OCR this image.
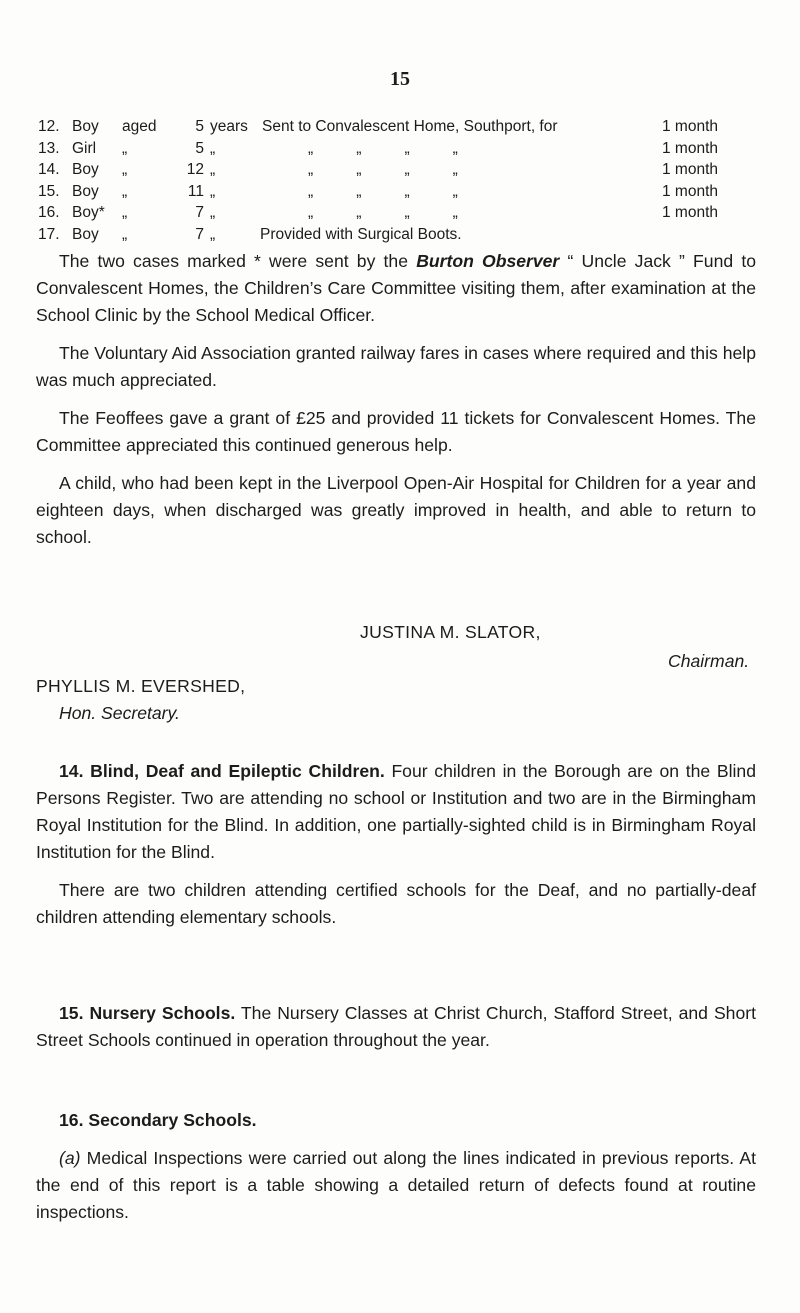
15
12. Boy aged	5 years Sent to Convalescent Home, Southport, for	1 month
13. Girl „	5 „	„          „          „          „	1 month
14. Boy „	12 „	„          „          „          „	1 month
15. Boy „	11 „	„          „          „          „	1 month
16. Boy* „	7 „	„          „          „          „	1 month
17. Boy „	7 „	Provided with Surgical Boots.

The two cases marked * were sent by the Burton Observer “ Uncle Jack ” Fund to Convalescent Homes, the Children’s Care Committee visiting them, after examination at the School Clinic by the School Medical Officer.

The Voluntary Aid Association granted railway fares in cases where required and this help was much appreciated.

The Feoffees gave a grant of £25 and provided 11 tickets for Convalescent Homes. The Committee appreciated this continued generous help.

A child, who had been kept in the Liverpool Open-Air Hospital for Children for a year and eighteen days, when discharged was greatly improved in health, and able to return to school.

JUSTINA M. SLATOR,
Chairman.
PHYLLIS M. EVERSHED,
Hon. Secretary.

14. Blind, Deaf and Epileptic Children. Four children in the Borough are on the Blind Persons Register. Two are attending no school or Institution and two are in the Birmingham Royal Institution for the Blind. In addition, one partially-sighted child is in Birmingham Royal Institution for the Blind.

There are two children attending certified schools for the Deaf, and no partially-deaf children attending elementary schools.

15. Nursery Schools. The Nursery Classes at Christ Church, Stafford Street, and Short Street Schools continued in operation throughout the year.

16. Secondary Schools.

(a) Medical Inspections were carried out along the lines indicated in previous reports. At the end of this report is a table showing a detailed return of defects found at routine inspections.
